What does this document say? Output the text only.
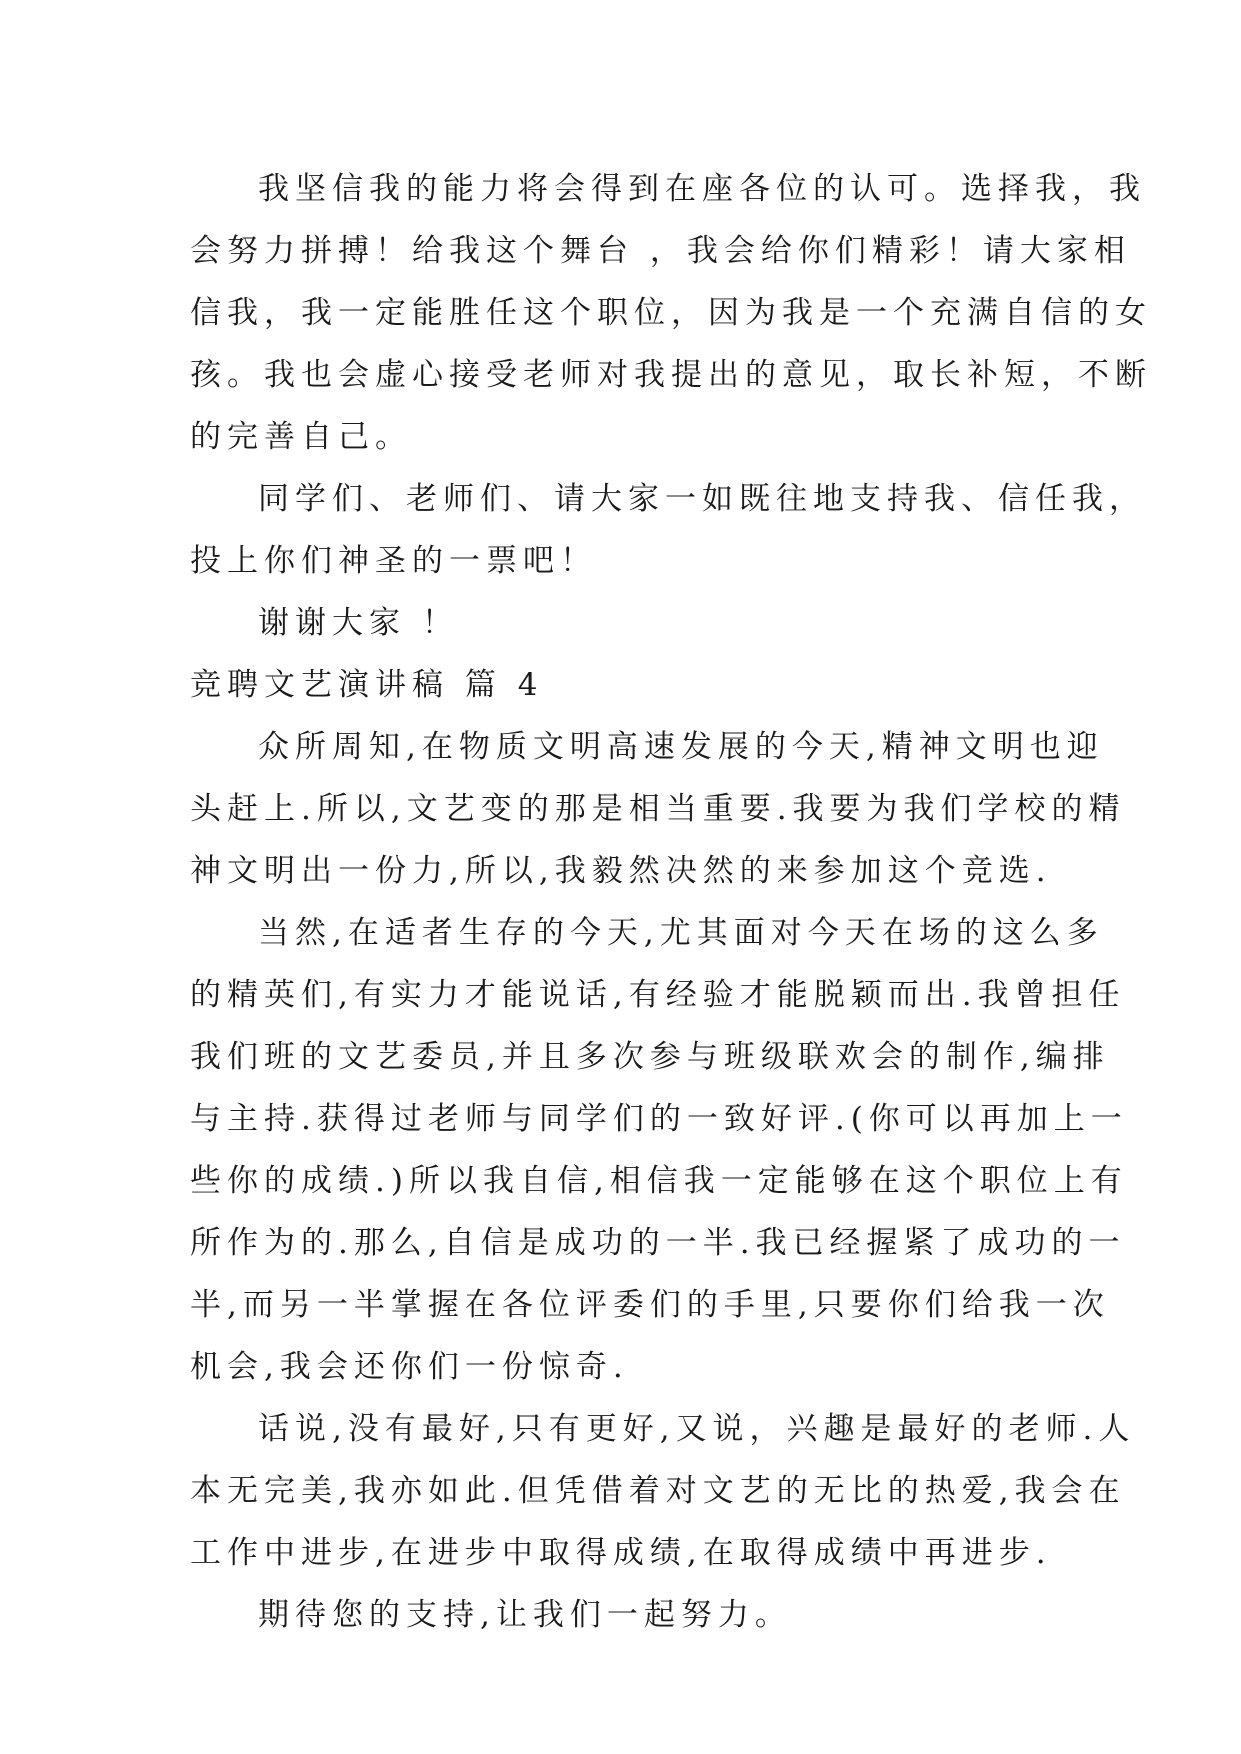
我坚信我的能力将会得到在座各位的认可。选择我，我
会努力拼搏！给我这个舞台 ，我会给你们精彩！请大家相
信我，我一定能胜任这个职位，因为我是一个充满自信的女
孩。我也会虚心接受老师对我提出的意见，取长补短，不断
的完善自己。
同学们、老师们、请大家一如既往地支持我、信任我，
投上你们神圣的一票吧！
谢谢大家 ！
竞聘文艺演讲稿 篇 4
众所周知,在物质文明高速发展的今天,精神文明也迎
头赶上.所以,文艺变的那是相当重要.我要为我们学校的精
神文明出一份力,所以,我毅然决然的来参加这个竞选.
当然,在适者生存的今天,尤其面对今天在场的这么多
的精英们,有实力才能说话,有经验才能脱颖而出.我曾担任
我们班的文艺委员,并且多次参与班级联欢会的制作,编排
与主持.获得过老师与同学们的一致好评.(你可以再加上一
些你的成绩.)所以我自信,相信我一定能够在这个职位上有
所作为的.那么,自信是成功的一半.我已经握紧了成功的一
半,而另一半掌握在各位评委们的手里,只要你们给我一次
机会,我会还你们一份惊奇.
话说,没有最好,只有更好,又说，兴趣是最好的老师.人
本无完美,我亦如此.但凭借着对文艺的无比的热爱,我会在
工作中进步,在进步中取得成绩,在取得成绩中再进步.
期待您的支持,让我们一起努力。
